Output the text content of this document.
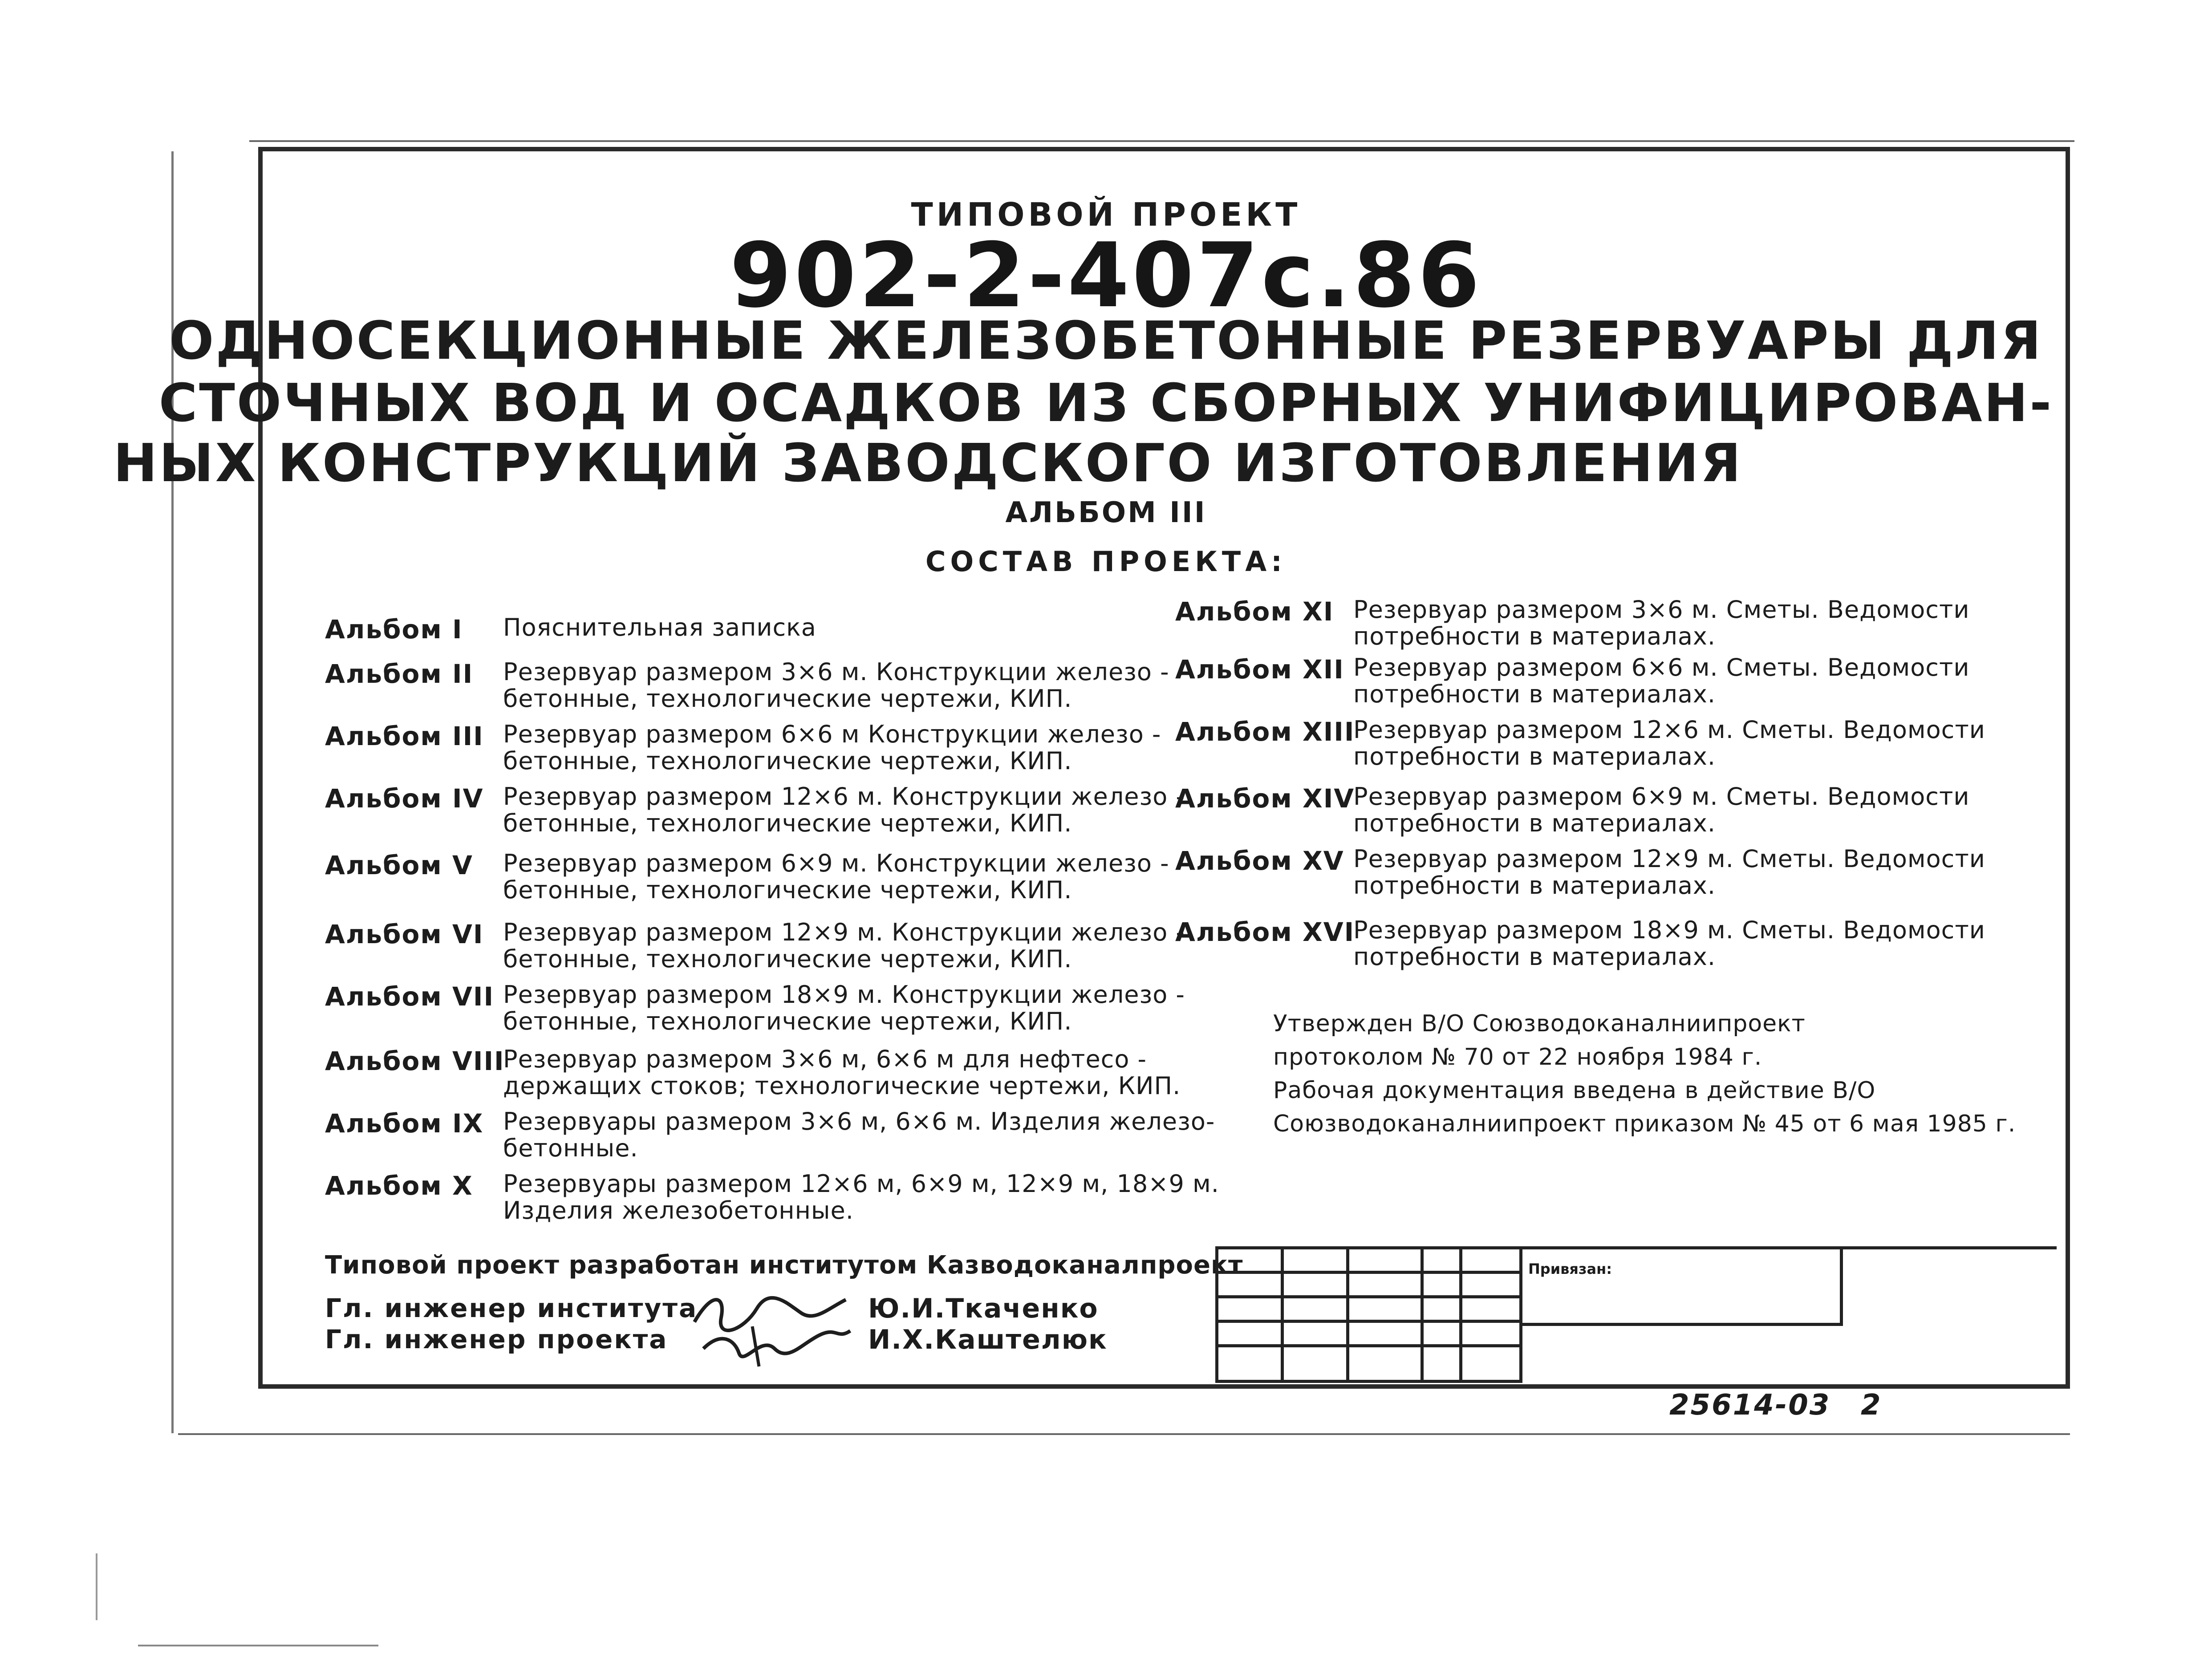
ТИПОВОЙ ПРОЕКТ
902-2-407с.86
ОДНОСЕКЦИОННЫЕ ЖЕЛЕЗОБЕТОННЫЕ РЕЗЕРВУАРЫ ДЛЯ
СТОЧНЫХ ВОД И ОСАДКОВ ИЗ СБОРНЫХ УНИФИЦИРОВАН-
НЫХ КОНСТРУКЦИЙ ЗАВОДСКОГО ИЗГОТОВЛЕНИЯ
АЛЬБОМ III
СОСТАВ ПРОЕКТА:
Альбом I Пояснительная записка
Альбом II Резервуар размером 3×6 м. Конструкции железо -
бетонные, технологические чертежи, КИП.
Альбом III Резервуар размером 6×6 м Конструкции железо -
бетонные, технологические чертежи, КИП.
Альбом IV Резервуар размером 12×6 м. Конструкции железо -
бетонные, технологические чертежи, КИП.
Альбом V Резервуар размером 6×9 м. Конструкции железо -
бетонные, технологические чертежи, КИП.
Альбом VI Резервуар размером 12×9 м. Конструкции железо -
бетонные, технологические чертежи, КИП.
Альбом VII Резервуар размером 18×9 м. Конструкции железо -
бетонные, технологические чертежи, КИП.
Альбом VIII
Резервуар размером 3×6 м, 6×6 м для нефтесо -
держащих стоков; технологические чертежи, КИП.
Альбом IX Резервуары размером 3×6 м, 6×6 м. Изделия железо-
бетонные.
Альбом X Резервуары размером 12×6 м, 6×9 м, 12×9 м, 18×9 м.
Изделия железобетонные.
Альбом XI Резервуар размером 3×6 м. Сметы. Ведомости
потребности в материалах.
Альбом XII Резервуар размером 6×6 м. Сметы. Ведомости
потребности в материалах.
Альбом XIII
Резервуар размером 12×6 м. Сметы. Ведомости
потребности в материалах.
Альбом XIV
Резервуар размером 6×9 м. Сметы. Ведомости
потребности в материалах.
Альбом XV Резервуар размером 12×9 м. Сметы. Ведомости
потребности в материалах.
Альбом XVI
Резервуар размером 18×9 м. Сметы. Ведомости
потребности в материалах.
Утвержден В/О Союзводоканалниипроект
протоколом № 70 от 22 ноября 1984 г.
Рабочая документация введена в действие В/О
Союзводоканалниипроект приказом № 45 от 6 мая 1985 г.
Типовой проект разработан институтом Казводоканалпроект
Гл. инженер института
Гл. инженер проекта
Ю.И.Ткаченко
И.Х.Каштелюк

Привязан:
25614-03 2
